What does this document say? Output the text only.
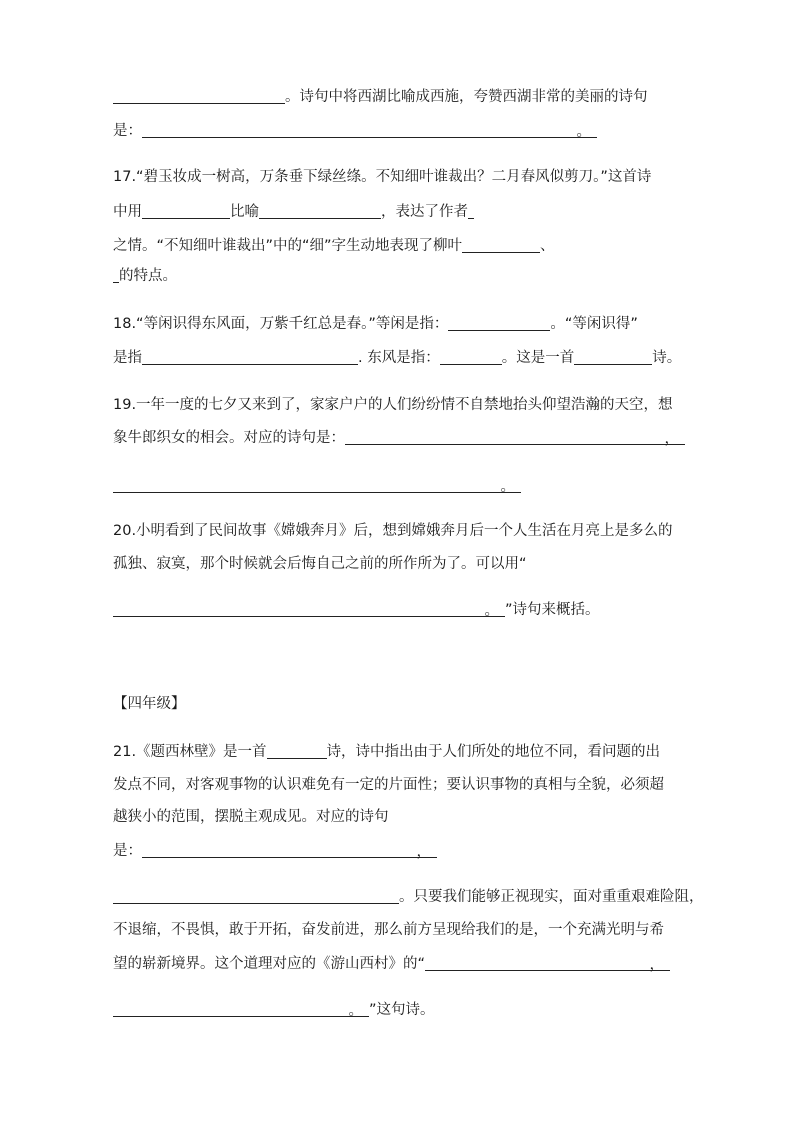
。诗句中将西湖比喻成西施，夸赞西湖非常的美丽的诗句
是：	。
17.“碧玉妆成一树高，万条垂下绿丝绦。不知细叶谁裁出？二月春风似剪刀。”这首诗
中用	比喻	，表达了作者
之情。“不知细叶谁裁出”中的“细”字生动地表现了柳叶	、
的特点。
18.“等闲识得东风面，万紫千红总是春。”等闲是指：	。“等闲识得”
是指	. 东风是指：	。这是一首	诗。
19.一年一度的七夕又来到了，家家户户的人们纷纷情不自禁地抬头仰望浩瀚的天空，想
象牛郎织女的相会。对应的诗句是：	，
。
20.小明看到了民间故事《嫦娥奔月》后，想到嫦娥奔月后一个人生活在月亮上是多么的
孤独、寂寞，那个时候就会后悔自己之前的所作所为了。可以用“
。 ”诗句来概括。
【四年级】
21.《题西林壁》是一首	诗，诗中指出由于人们所处的地位不同，看问题的出
发点不同，对客观事物的认识难免有一定的片面性；要认识事物的真相与全貌，必须超
越狭小的范围，摆脱主观成见。对应的诗句
是：	，
。只要我们能够正视现实，面对重重艰难险阻，
不退缩，不畏惧，敢于开拓，奋发前进，那么前方呈现给我们的是，一个充满光明与希
望的崭新境界。这个道理对应的《游山西村》的“	，
。 ”这句诗。
